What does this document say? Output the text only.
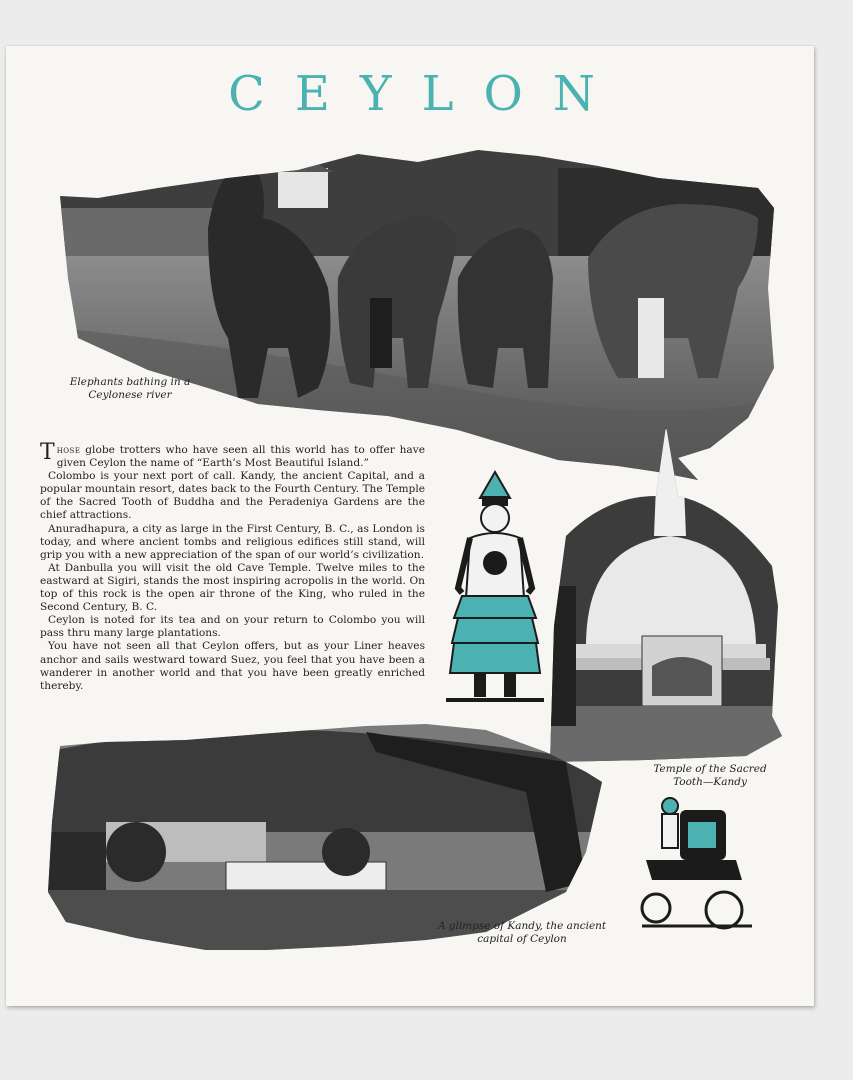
CEYLON
Elephants bathing in a
Ceylonese river

Those globe trotters who have seen all this world has to offer have given Ceylon the name of “Earth’s Most Beautiful Island.”

Colombo is your next port of call. Kandy, the ancient Capital, and a popular mountain resort, dates back to the Fourth Century. The Temple of the Sacred Tooth of Buddha and the Peradeniya Gardens are the chief attractions.

Anuradhapura, a city as large in the First Century, B. C., as London is today, and where ancient tombs and religious edifices still stand, will grip you with a new appreciation of the span of our world’s civilization.

At Danbulla you will visit the old Cave Temple. Twelve miles to the eastward at Sigiri, stands the most inspiring acropolis in the world. On top of this rock is the open air throne of the King, who ruled in the Second Century, B. C.

Ceylon is noted for its tea and on your return to Colombo you will pass thru many large plantations.

You have not seen all that Ceylon offers, but as your Liner heaves anchor and sails westward toward Suez, you feel that you have been a wanderer in another world and that you have been greatly enriched thereby.

Temple of the Sacred
Tooth—Kandy
A glimpse of Kandy, the ancient
capital of Ceylon
